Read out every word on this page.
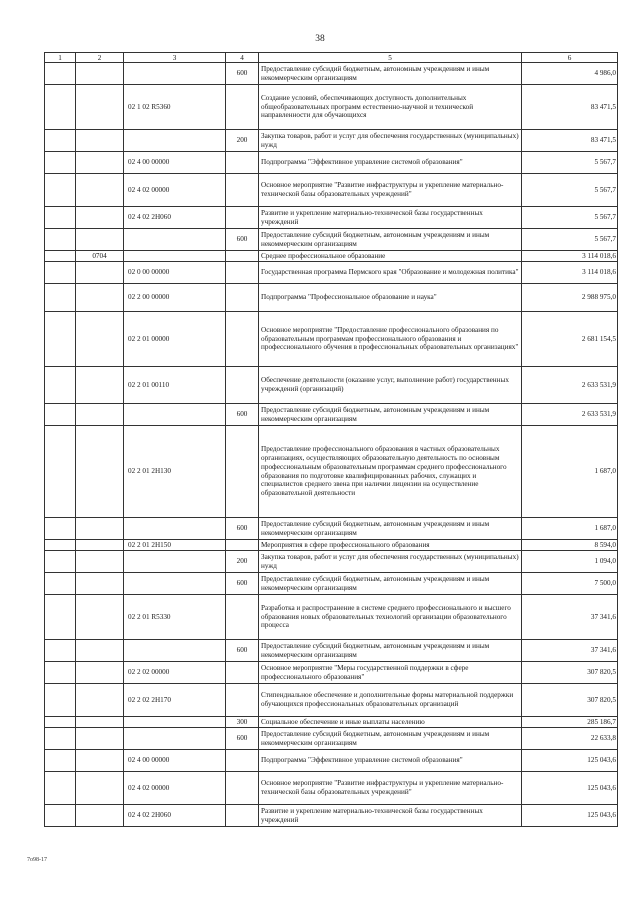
38
1	2	3	4	5	6
			600	Предоставление субсидий бюджетным, автономным учреждениям и иным некоммерческим организациям	4 986,0
		02 1 02 R5360		Создание условий, обеспечивающих доступность дополнительных общеобразовательных программ естественно-научной и технической направленности для обучающихся	83 471,5
			200	Закупка товаров, работ и услуг для обеспечения государственных (муниципальных) нужд	83 471,5
		02 4 00 00000		Подпрограмма "Эффективное управление системой образования"	5 567,7
		02 4 02 00000		Основное мероприятие "Развитие инфраструктуры и укрепление материально-технической базы образовательных учреждений"	5 567,7
		02 4 02 2Н060		Развитие и укрепление материально-технической базы государственных учреждений	5 567,7
			600	Предоставление субсидий бюджетным, автономным учреждениям и иным некоммерческим организациям	5 567,7
	0704			Среднее профессиональное образование	3 114 018,6
		02 0 00 00000		Государственная программа Пермского края "Образование и молодежная политика"	3 114 018,6
		02 2 00 00000		Подпрограмма "Профессиональное образование и наука"	2 988 975,0
		02 2 01 00000		Основное мероприятие "Предоставление профессионального образования по образовательным программам профессионального образования и профессионального обучения в профессиональных образовательных организациях"	2 681 154,5
		02 2 01 00110		Обеспечение деятельности (оказание услуг, выполнение работ) государственных учреждений (организаций)	2 633 531,9
			600	Предоставление субсидий бюджетным, автономным учреждениям и иным некоммерческим организациям	2 633 531,9
		02 2 01 2Н130		Предоставление профессионального образования в частных образовательных организациях, осуществляющих образовательную деятельность по основным профессиональным образовательным программам среднего профессионального образования по подготовке квалифицированных рабочих, служащих и специалистов среднего звена при наличии лицензии на осуществление образовательной деятельности	1 687,0
			600	Предоставление субсидий бюджетным, автономным учреждениям и иным некоммерческим организациям	1 687,0
		02 2 01 2Н150		Мероприятия в сфере профессионального образования	8 594,0
			200	Закупка товаров, работ и услуг для обеспечения государственных (муниципальных) нужд	1 094,0
			600	Предоставление субсидий бюджетным, автономным учреждениям и иным некоммерческим организациям	7 500,0
		02 2 01 R5330		Разработка и распространение в системе среднего профессионального и высшего образования новых образовательных технологий организации образовательного процесса	37 341,6
			600	Предоставление субсидий бюджетным, автономным учреждениям и иным некоммерческим организациям	37 341,6
		02 2 02 00000		Основное мероприятие "Меры государственной поддержки в сфере профессионального образования"	307 820,5
		02 2 02 2Н170		Стипендиальное обеспечение и дополнительные формы материальной поддержки обучающихся профессиональных образовательных организаций	307 820,5
			300	Социальное обеспечение и иные выплаты населению	285 186,7
			600	Предоставление субсидий бюджетным, автономным учреждениям и иным некоммерческим организациям	22 633,8
		02 4 00 00000		Подпрограмма "Эффективное управление системой образования"	125 043,6
		02 4 02 00000		Основное мероприятие "Развитие инфраструктуры и укрепление материально-технической базы образовательных учреждений"	125 043,6
		02 4 02 2Н060		Развитие и укрепление материально-технической базы государственных учреждений	125 043,6
7о98-17
